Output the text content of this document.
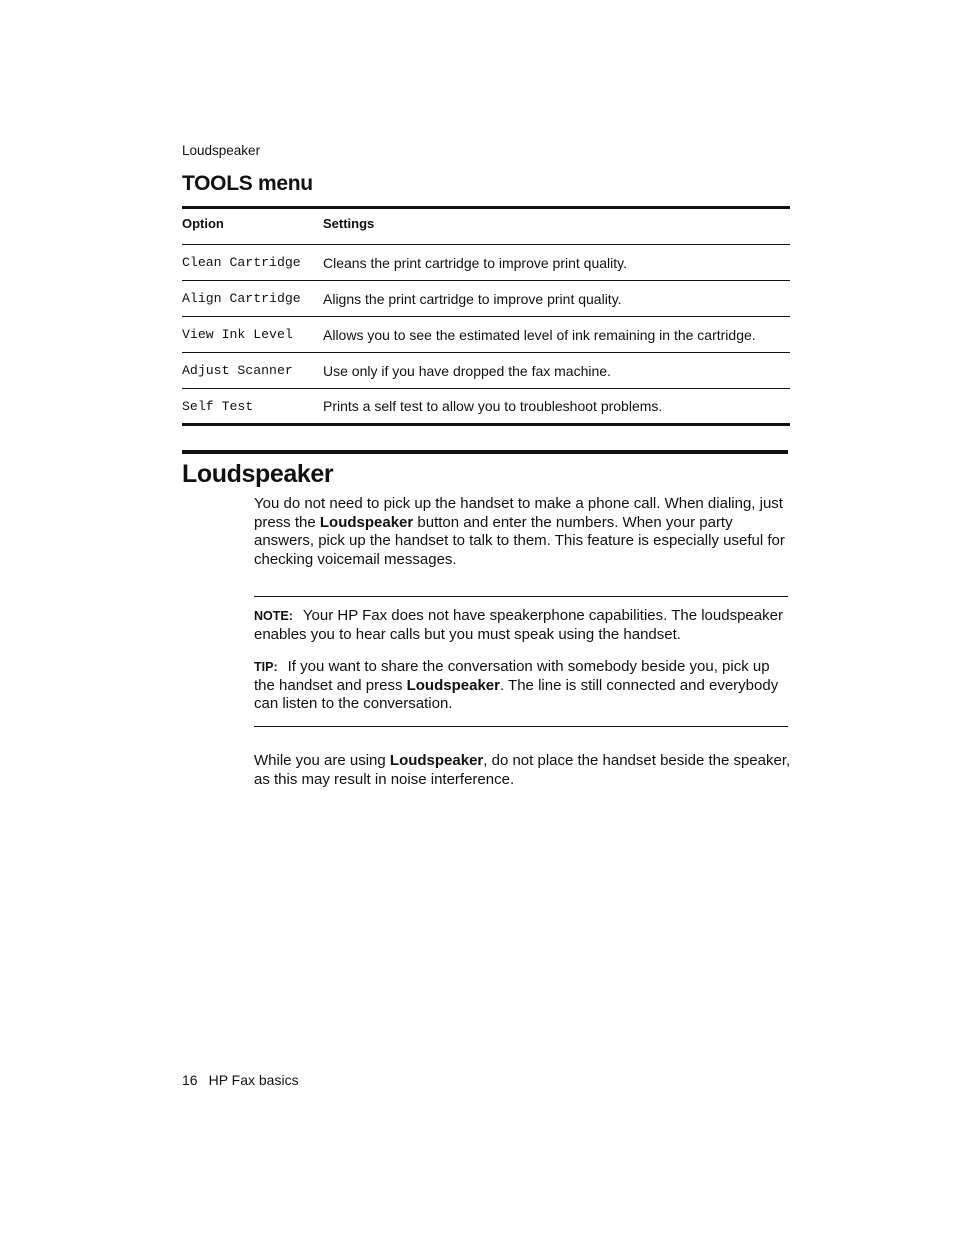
Loudspeaker
TOOLS menu
Option	Settings
Clean Cartridge	Cleans the print cartridge to improve print quality.
Align Cartridge	Aligns the print cartridge to improve print quality.
View Ink Level	Allows you to see the estimated level of ink remaining in the cartridge.
Adjust Scanner	Use only if you have dropped the fax machine.
Self Test	Prints a self test to allow you to troubleshoot problems.
Loudspeaker

You do not need to pick up the handset to make a phone call. When dialing, just press the Loudspeaker button and enter the numbers. When your party answers, pick up the handset to talk to them. This feature is especially useful for checking voicemail messages.

NOTE: Your HP Fax does not have speakerphone capabilities. The loudspeaker enables you to hear calls but you must speak using the handset.

TIP: If you want to share the conversation with somebody beside you, pick up the handset and press Loudspeaker. The line is still connected and everybody can listen to the conversation.

While you are using Loudspeaker, do not place the handset beside the speaker, as this may result in noise interference.

16 HP Fax basics
